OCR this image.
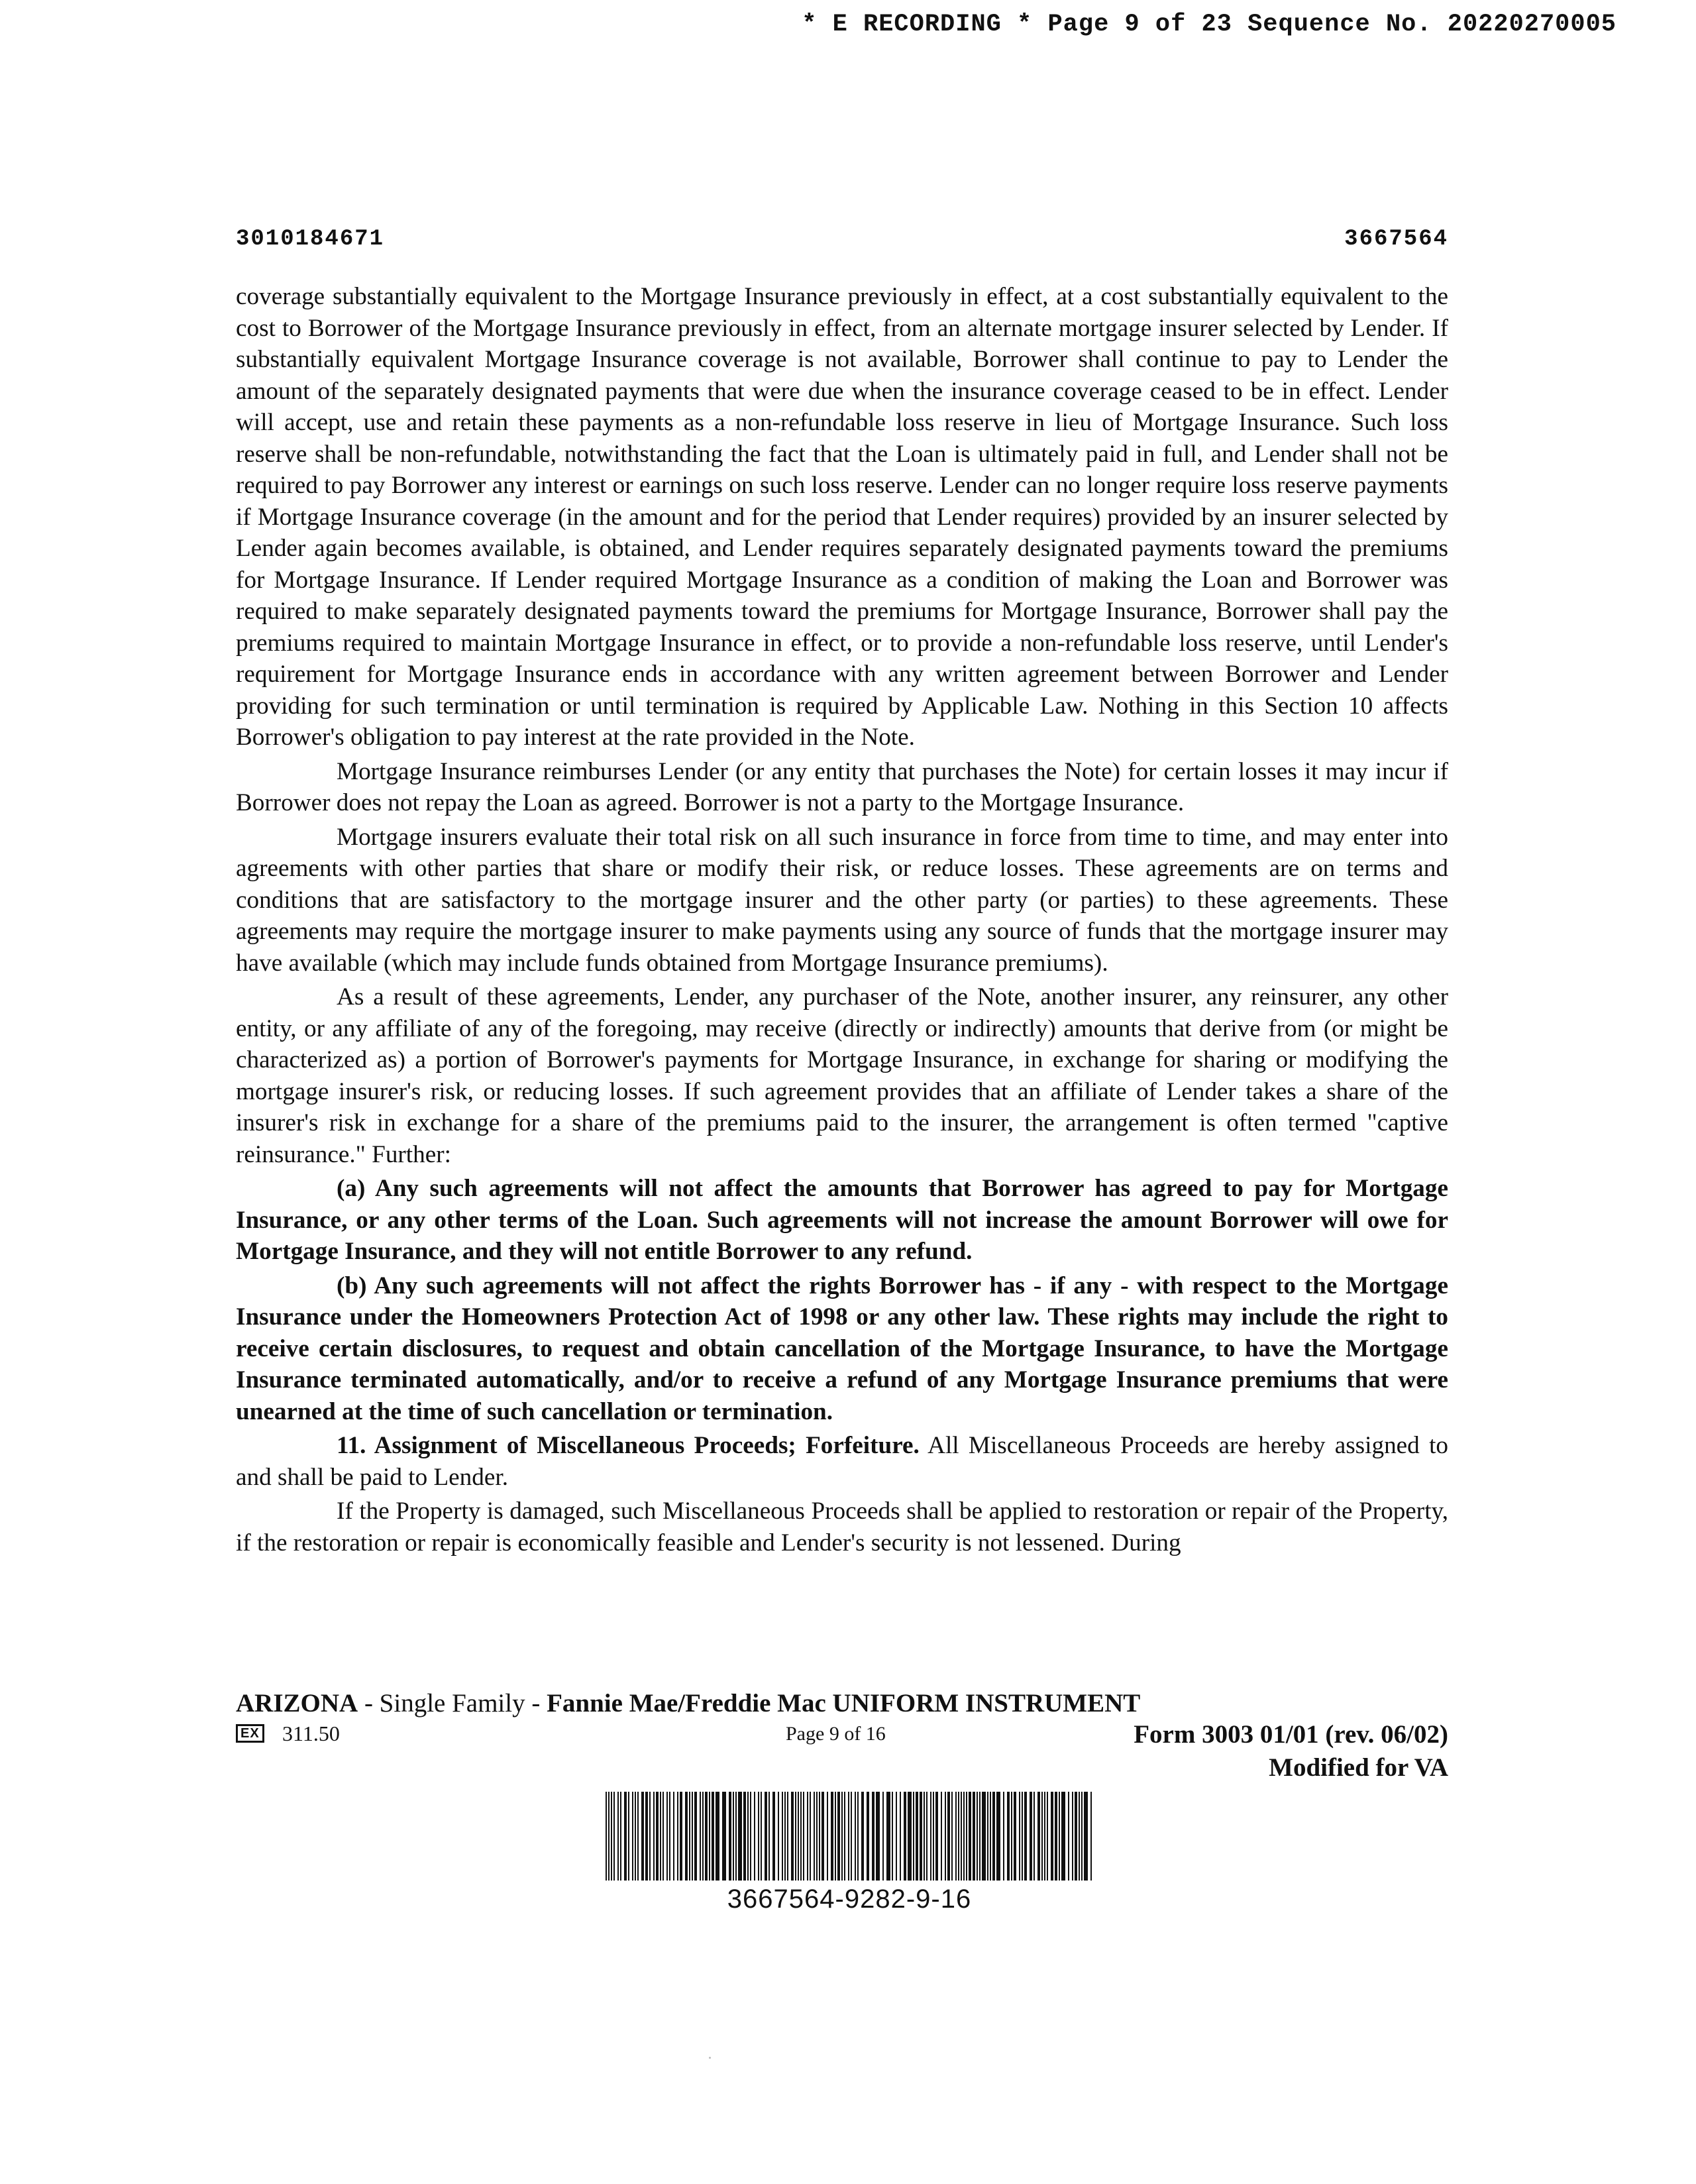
* E RECORDING * Page 9 of 23 Sequence No. 20220270005
3010184671	3667564

coverage substantially equivalent to the Mortgage Insurance previously in effect, at a cost substantially equivalent to the cost to Borrower of the Mortgage Insurance previously in effect, from an alternate mortgage insurer selected by Lender. If substantially equivalent Mortgage Insurance coverage is not available, Borrower shall continue to pay to Lender the amount of the separately designated payments that were due when the insurance coverage ceased to be in effect. Lender will accept, use and retain these payments as a non-refundable loss reserve in lieu of Mortgage Insurance. Such loss reserve shall be non-refundable, notwithstanding the fact that the Loan is ultimately paid in full, and Lender shall not be required to pay Borrower any interest or earnings on such loss reserve. Lender can no longer require loss reserve payments if Mortgage Insurance coverage (in the amount and for the period that Lender requires) provided by an insurer selected by Lender again becomes available, is obtained, and Lender requires separately designated payments toward the premiums for Mortgage Insurance. If Lender required Mortgage Insurance as a condition of making the Loan and Borrower was required to make separately designated payments toward the premiums for Mortgage Insurance, Borrower shall pay the premiums required to maintain Mortgage Insurance in effect, or to provide a non-refundable loss reserve, until Lender's requirement for Mortgage Insurance ends in accordance with any written agreement between Borrower and Lender providing for such termination or until termination is required by Applicable Law. Nothing in this Section 10 affects Borrower's obligation to pay interest at the rate provided in the Note.

Mortgage Insurance reimburses Lender (or any entity that purchases the Note) for certain losses it may incur if Borrower does not repay the Loan as agreed. Borrower is not a party to the Mortgage Insurance.

Mortgage insurers evaluate their total risk on all such insurance in force from time to time, and may enter into agreements with other parties that share or modify their risk, or reduce losses. These agreements are on terms and conditions that are satisfactory to the mortgage insurer and the other party (or parties) to these agreements. These agreements may require the mortgage insurer to make payments using any source of funds that the mortgage insurer may have available (which may include funds obtained from Mortgage Insurance premiums).

As a result of these agreements, Lender, any purchaser of the Note, another insurer, any reinsurer, any other entity, or any affiliate of any of the foregoing, may receive (directly or indirectly) amounts that derive from (or might be characterized as) a portion of Borrower's payments for Mortgage Insurance, in exchange for sharing or modifying the mortgage insurer's risk, or reducing losses. If such agreement provides that an affiliate of Lender takes a share of the insurer's risk in exchange for a share of the premiums paid to the insurer, the arrangement is often termed "captive reinsurance." Further:

(a) Any such agreements will not affect the amounts that Borrower has agreed to pay for Mortgage Insurance, or any other terms of the Loan. Such agreements will not increase the amount Borrower will owe for Mortgage Insurance, and they will not entitle Borrower to any refund.

(b) Any such agreements will not affect the rights Borrower has - if any - with respect to the Mortgage Insurance under the Homeowners Protection Act of 1998 or any other law. These rights may include the right to receive certain disclosures, to request and obtain cancellation of the Mortgage Insurance, to have the Mortgage Insurance terminated automatically, and/or to receive a refund of any Mortgage Insurance premiums that were unearned at the time of such cancellation or termination.

11. Assignment of Miscellaneous Proceeds; Forfeiture. All Miscellaneous Proceeds are hereby assigned to and shall be paid to Lender.

If the Property is damaged, such Miscellaneous Proceeds shall be applied to restoration or repair of the Property, if the restoration or repair is economically feasible and Lender's security is not lessened. During

ARIZONA - Single Family - Fannie Mae/Freddie Mac UNIFORM INSTRUMENT
EX 311.50	Page 9 of 16	Form 3003 01/01 (rev. 06/02)
Modified for VA
3667564-9282-9-16
